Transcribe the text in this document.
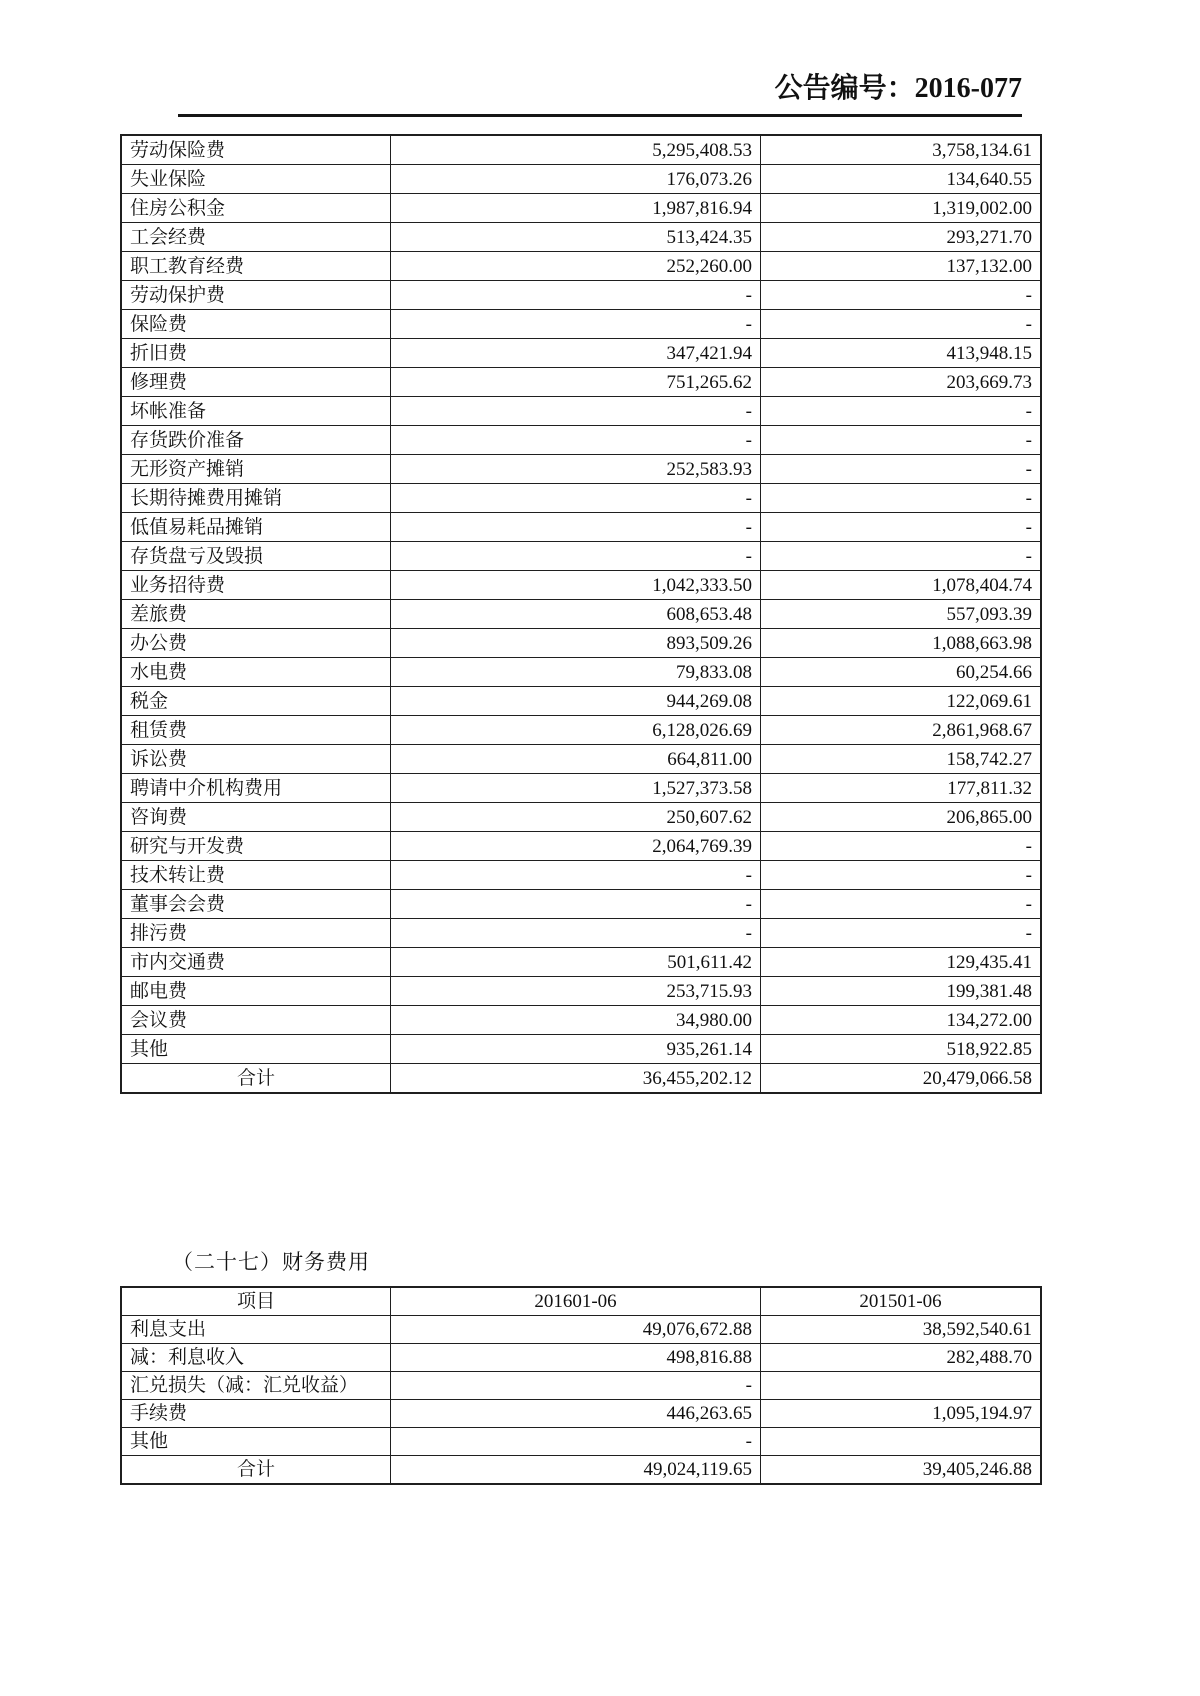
公告编号：2016-077
劳动保险费	5,295,408.53	3,758,134.61
失业保险	176,073.26	134,640.55
住房公积金	1,987,816.94	1,319,002.00
工会经费	513,424.35	293,271.70
职工教育经费	252,260.00	137,132.00
劳动保护费	-	-
保险费	-	-
折旧费	347,421.94	413,948.15
修理费	751,265.62	203,669.73
坏帐准备	-	-
存货跌价准备	-	-
无形资产摊销	252,583.93	-
长期待摊费用摊销	-	-
低值易耗品摊销	-	-
存货盘亏及毁损	-	-
业务招待费	1,042,333.50	1,078,404.74
差旅费	608,653.48	557,093.39
办公费	893,509.26	1,088,663.98
水电费	79,833.08	60,254.66
税金	944,269.08	122,069.61
租赁费	6,128,026.69	2,861,968.67
诉讼费	664,811.00	158,742.27
聘请中介机构费用	1,527,373.58	177,811.32
咨询费	250,607.62	206,865.00
研究与开发费	2,064,769.39	-
技术转让费	-	-
董事会会费	-	-
排污费	-	-
市内交通费	501,611.42	129,435.41
邮电费	253,715.93	199,381.48
会议费	34,980.00	134,272.00
其他	935,261.14	518,922.85
合计	36,455,202.12	20,479,066.58
（二十七）财务费用
项目	201601-06	201501-06
利息支出	49,076,672.88	38,592,540.61
减：利息收入	498,816.88	282,488.70
汇兑损失（减：汇兑收益）	-	
手续费	446,263.65	1,095,194.97
其他	-	
合计	49,024,119.65	39,405,246.88
